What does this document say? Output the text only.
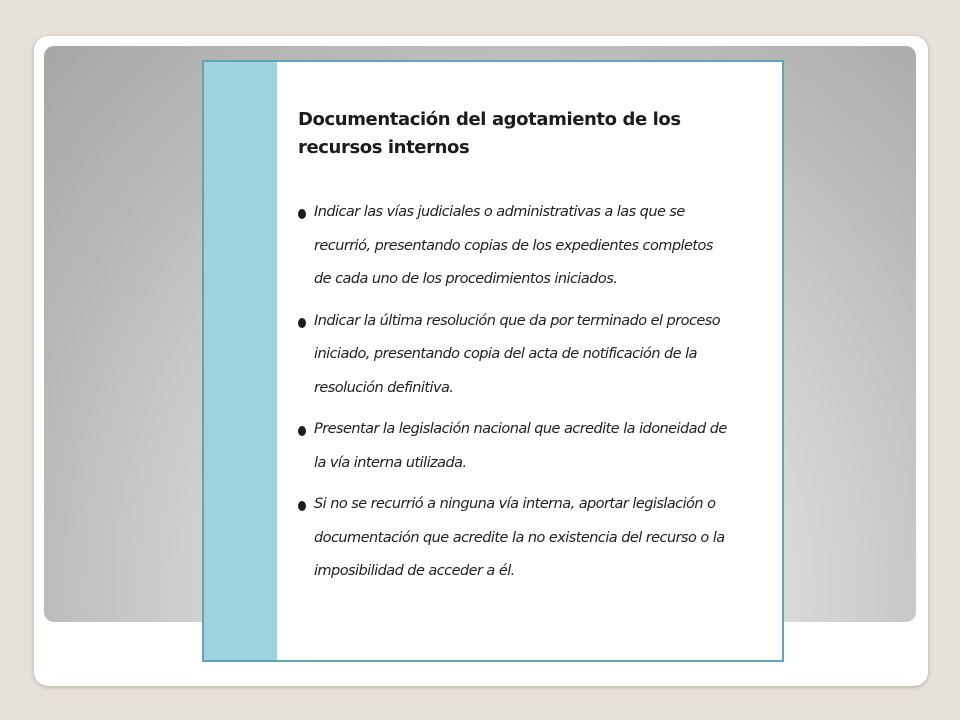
Documentación del agotamiento de los
recursos internos
Indicar las vías judiciales o administrativas a las que se recurrió, presentando copias de los expedientes completos de cada uno de los procedimientos iniciados.
Indicar la última resolución que da por terminado el proceso iniciado, presentando copia del acta de notificación de la resolución definitiva.
Presentar la legislación nacional que acredite la idoneidad de la vía interna utilizada.
Si no se recurrió a ninguna vía interna, aportar legislación o documentación que acredite la no existencia del recurso o la imposibilidad de acceder a él.
